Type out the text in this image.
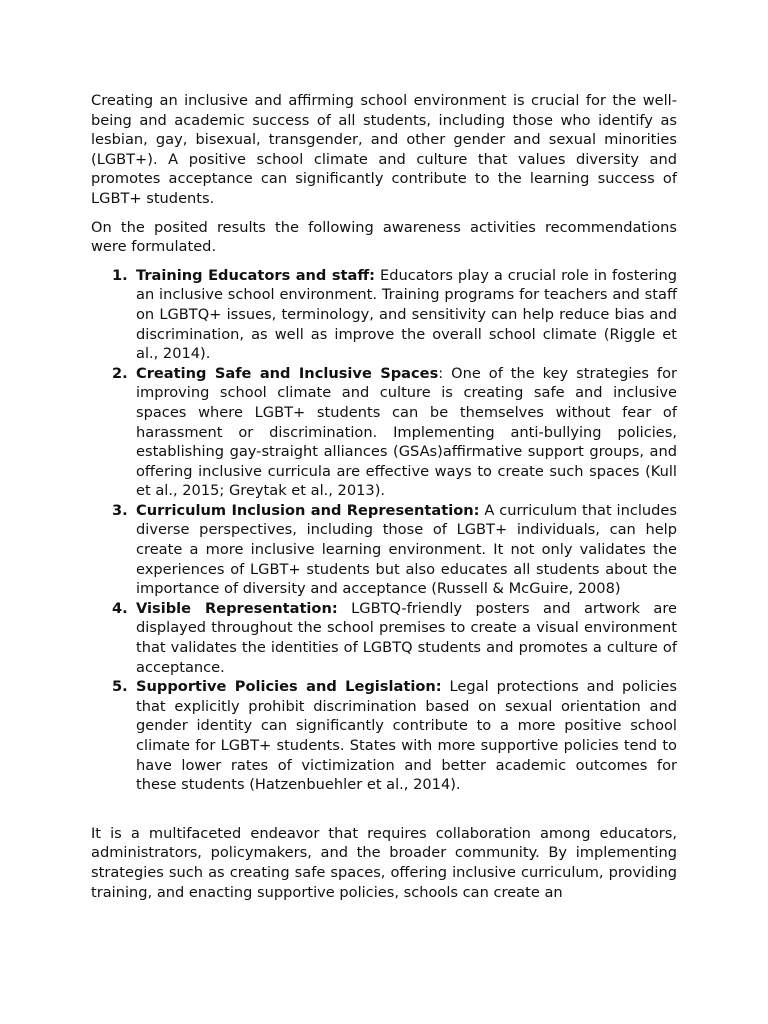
Creating an inclusive and affirming school environment is crucial for the well-being and academic success of all students, including those who identify as lesbian, gay, bisexual, transgender, and other gender and sexual minorities (LGBT+). A positive school climate and culture that values diversity and promotes acceptance can significantly contribute to the learning success of LGBT+ students.

On the posited results the following awareness activities recommendations were formulated.

1. Training Educators and staff: Educators play a crucial role in fostering an inclusive school environment. Training programs for teachers and staff on LGBTQ+ issues, terminology, and sensitivity can help reduce bias and discrimination, as well as improve the overall school climate (Riggle et al., 2014).
2. Creating Safe and Inclusive Spaces: One of the key strategies for improving school climate and culture is creating safe and inclusive spaces where LGBT+ students can be themselves without fear of harassment or discrimination. Implementing anti-bullying policies, establishing gay-straight alliances (GSAs)affirmative support groups, and offering inclusive curricula are effective ways to create such spaces (Kull et al., 2015; Greytak et al., 2013).
3. Curriculum Inclusion and Representation: A curriculum that includes diverse perspectives, including those of LGBT+ individuals, can help create a more inclusive learning environment. It not only validates the experiences of LGBT+ students but also educates all students about the importance of diversity and acceptance (Russell & McGuire, 2008)
4. Visible Representation: LGBTQ-friendly posters and artwork are displayed throughout the school premises to create a visual environment that validates the identities of LGBTQ students and promotes a culture of acceptance.
5. Supportive Policies and Legislation: Legal protections and policies that explicitly prohibit discrimination based on sexual orientation and gender identity can significantly contribute to a more positive school climate for LGBT+ students. States with more supportive policies tend to have lower rates of victimization and better academic outcomes for these students (Hatzenbuehler et al., 2014).

It is a multifaceted endeavor that requires collaboration among educators, administrators, policymakers, and the broader community. By implementing strategies such as creating safe spaces, offering inclusive curriculum, providing training, and enacting supportive policies, schools can create an
